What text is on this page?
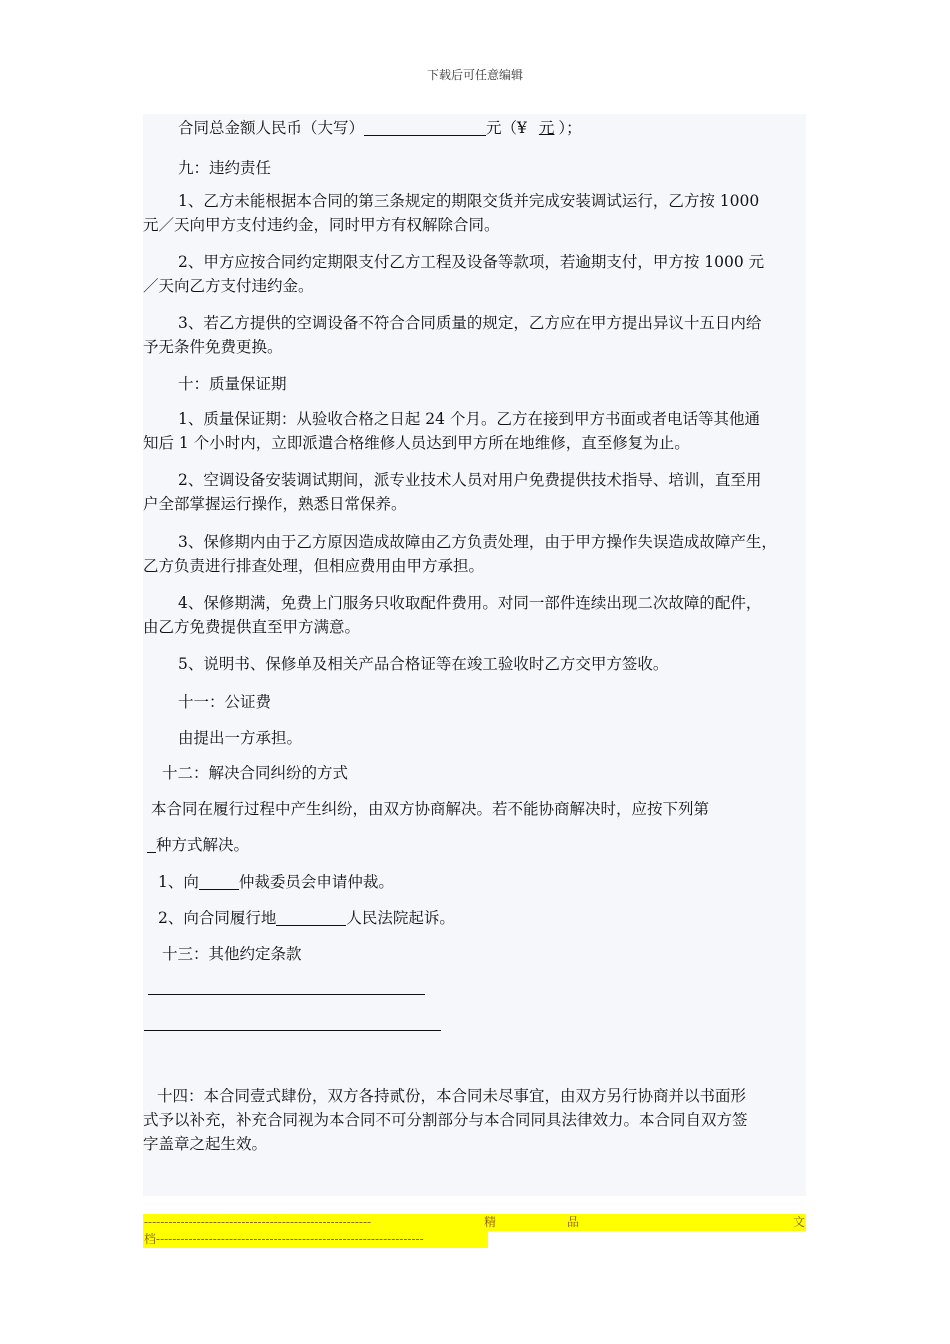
下载后可任意编辑
合同总金额人民币（大写）	元（¥ 元 ）；
九：违约责任
1、乙方未能根据本合同的第三条规定的期限交货并完成安装调试运行，乙方按 1000
元／天向甲方支付违约金，同时甲方有权解除合同。
2、甲方应按合同约定期限支付乙方工程及设备等款项，若逾期支付，甲方按 1000 元
／天向乙方支付违约金。
3、若乙方提供的空调设备不符合合同质量的规定，乙方应在甲方提出异议十五日内给
予无条件免费更换。
十：质量保证期
1、质量保证期：从验收合格之日起 24 个月。乙方在接到甲方书面或者电话等其他通
知后 1 个小时内，立即派遣合格维修人员达到甲方所在地维修，直至修复为止。
2、空调设备安装调试期间，派专业技术人员对用户免费提供技术指导、培训，直至用
户全部掌握运行操作，熟悉日常保养。
3、保修期内由于乙方原因造成故障由乙方负责处理，由于甲方操作失误造成故障产生，
乙方负责进行排查处理，但相应费用由甲方承担。
4、保修期满，免费上门服务只收取配件费用。对同一部件连续出现二次故障的配件，
由乙方免费提供直至甲方满意。
5、说明书、保修单及相关产品合格证等在竣工验收时乙方交甲方签收。
十一：公证费
由提出一方承担。
十二：解决合同纠纷的方式
本合同在履行过程中产生纠纷，由双方协商解决。若不能协商解决时，应按下列第
种方式解决。
1、向	仲裁委员会申请仲裁。
2、向合同履行地	人民法院起诉。
十三：其他约定条款
十四：本合同壹式肆份，双方各持贰份，本合同未尽事宜，由双方另行协商并以书面形
式予以补充，补充合同视为本合同不可分割部分与本合同同具法律效力。本合同自双方签
字盖章之起生效。
--------------------------------------------------------	精	品	文
档------------------------------------------------------------------
